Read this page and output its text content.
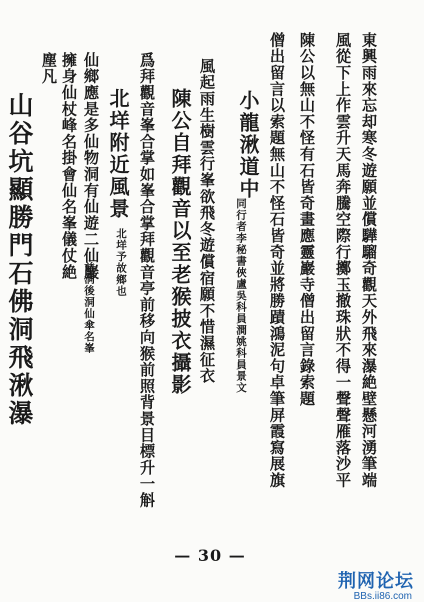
東興雨來忘却寒冬遊願並償驊騮奇觀天外飛來瀑絶壁懸河湧筆端
風從下上作雲升天馬奔騰空際行擲玉撤珠狀不得一聲聲雁落沙平
陳公以無山不怪有石皆奇畫應靈巖寺僧出留言錄索題
僧出留言以索題無山不怪石皆奇並將勝蹟鴻泥句卓筆屏霞寫展旗
小龍湫道中
同行者李秘書俠盧吳科員澗姚科員景文
風起雨生樹雲行峯欲飛冬遊償宿願不惜濕征衣
陳公自拜觀音以至老猴披衣攝影
爲拜觀音峯合掌如峯合掌拜觀音亭前移向猴前照背景目標升一斛
北垟附近風景
北垟予故鄉也
仙鄉應是多仙物洞有仙遊二仙巖
前洞後洞仙傘名峯
擁身仙杖峰名掛會仙名峯儀仗絶
塵凡
山谷坑顯勝門石佛洞飛湫瀑
— 30 —
荆网论坛
BBs.ii86.com
